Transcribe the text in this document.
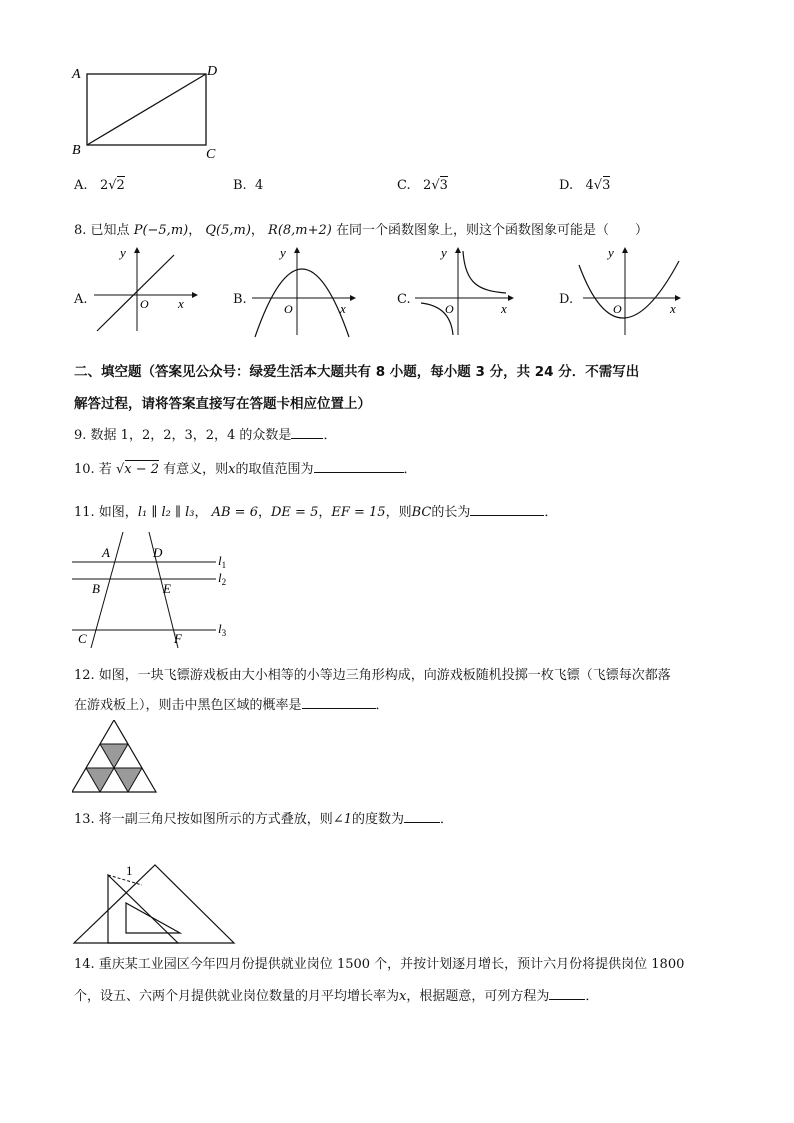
A	D
B	C
A. 2√
2	B. 4	C. 2√
3	D. 4√
3
8. 已知点 P(−5,m)， Q(5,m)， R(8,m+2) 在同一个函数图象上，则这个函数图象可能是（　　）
A.
y
x
O	B.
y
x
O
C.
y
x
O
D.
y
x
O
二、填空题（答案见公众号：绿爱生活本大题共有 8 小题，每小题 3 分，共 24 分．不需写出
解答过程，请将答案直接写在答题卡相应位置上）
9. 数据 1，2，2，3，2，4 的众数是 ．
10. 若 √
x − 2 有意义，则x的取值范围为	．
11. 如图，l₁ ∥ l₂ ∥ l₃， AB = 6，DE = 5，EF = 15，则BC的长为	．
A	D
B	E
C	F
$l_1$
$l_2$
$l_3$
12. 如图，一块飞镖游戏板由大小相等的小等边三角形构成，向游戏板随机投掷一枚飞镖（飞镖每次都落
在游戏板上），则击中黑色区域的概率是	．
13. 将一副三角尺按如图所示的方式叠放，则∠1的度数为	．
1
14. 重庆某工业园区今年四月份提供就业岗位 1500 个，并按计划逐月增长，预计六月份将提供岗位 1800
个，设五、六两个月提供就业岗位数量的月平均增长率为x，根据题意，可列方程为	．
